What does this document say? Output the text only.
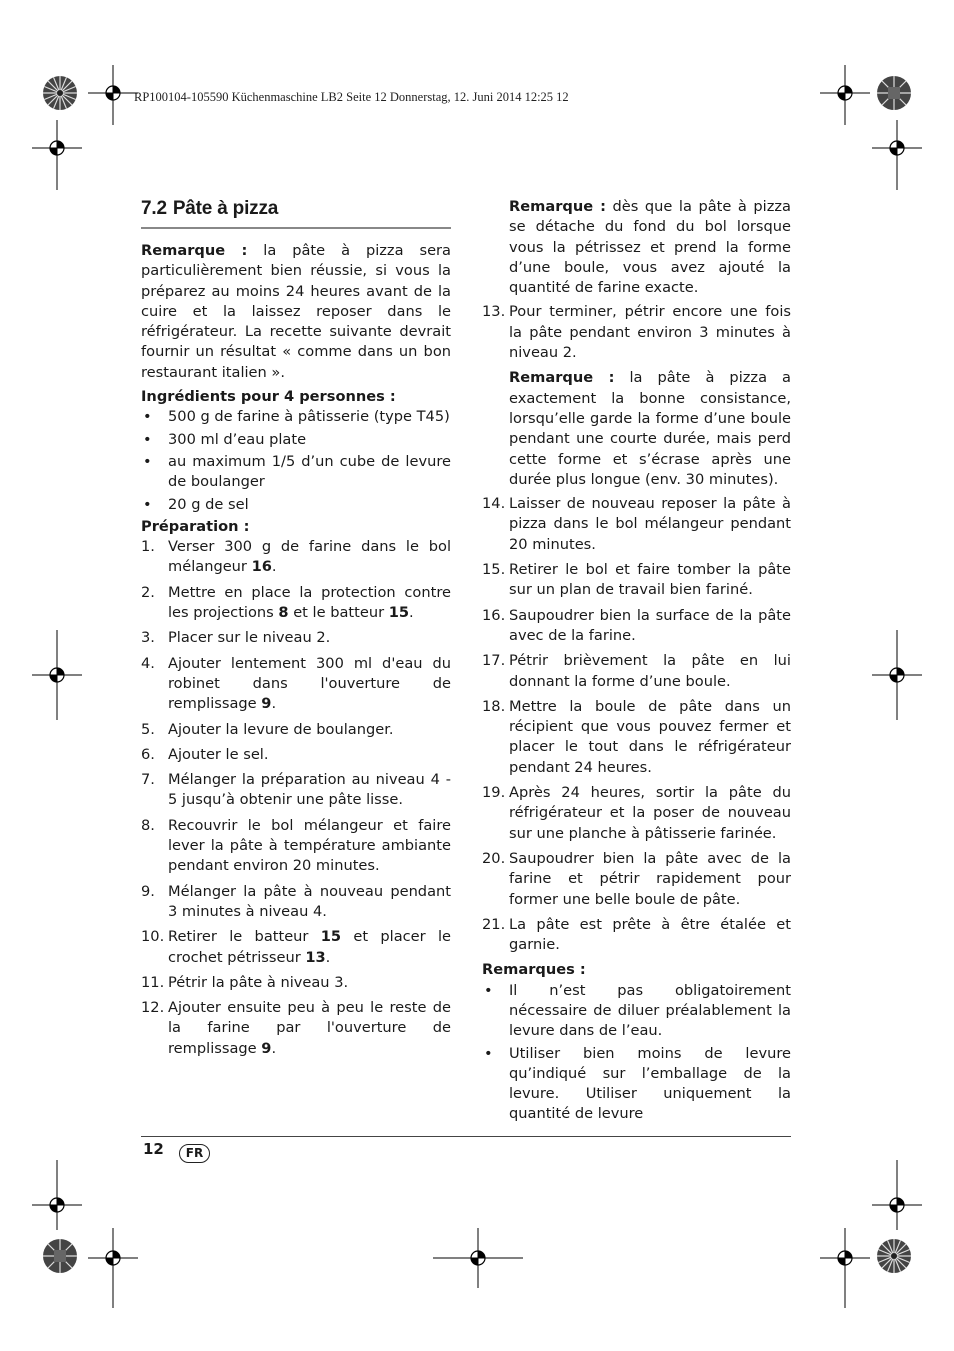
RP100104-105590 Küchenmaschine LB2 Seite 12 Donnerstag, 12. Juni 2014 12:25 12
7.2 Pâte à pizza

Remarque : la pâte à pizza sera particulièrement bien réussie, si vous la préparez au moins 24 heures avant de la cuire et la laissez reposer dans le réfrigérateur. La recette suivante devrait fournir un résultat « comme dans un bon restaurant italien ».

Ingrédients pour 4 personnes :

• 500 g de farine à pâtisserie (type T45)
• 300 ml d’eau plate
• au maximum 1/5 d’un cube de levure de boulanger
• 20 g de sel

Préparation :

1. Verser 300 g de farine dans le bol mélangeur 16.
2. Mettre en place la protection contre les projections 8 et le batteur 15.
3. Placer sur le niveau 2.
4. Ajouter lentement 300 ml d'eau du robinet dans l'ouverture de remplissage 9.
5. Ajouter la levure de boulanger.
6. Ajouter le sel.
7. Mélanger la préparation au niveau 4 - 5 jusqu’à obtenir une pâte lisse.
8. Recouvrir le bol mélangeur et faire lever la pâte à température ambiante pendant environ 20 minutes.
9. Mélanger la pâte à nouveau pendant 3 minutes à niveau 4.
10. Retirer le batteur 15 et placer le crochet pétrisseur 13.
11. Pétrir la pâte à niveau 3.
12. Ajouter ensuite peu à peu le reste de la farine par l'ouverture de remplissage 9.

Remarque : dès que la pâte à pizza se détache du fond du bol lorsque vous la pétrissez et prend la forme d’une boule, vous avez ajouté la quantité de farine exacte.

13. Pour terminer, pétrir encore une fois la pâte pendant environ 3 minutes à niveau 2.

Remarque : la pâte à pizza a exactement la bonne consistance, lorsqu’elle garde la forme d’une boule pendant une courte durée, mais perd cette forme et s’écrase après une durée plus longue (env. 30 minutes).

14. Laisser de nouveau reposer la pâte à pizza dans le bol mélangeur pendant 20 minutes.
15. Retirer le bol et faire tomber la pâte sur un plan de travail bien fariné.
16. Saupoudrer bien la surface de la pâte avec de la farine.
17. Pétrir brièvement la pâte en lui donnant la forme d’une boule.
18. Mettre la boule de pâte dans un récipient que vous pouvez fermer et placer le tout dans le réfrigérateur pendant 24 heures.
19. Après 24 heures, sortir la pâte du réfrigérateur et la poser de nouveau sur une planche à pâtisserie farinée.
20. Saupoudrer bien la pâte avec de la farine et pétrir rapidement pour former une belle boule de pâte.
21. La pâte est prête à être étalée et garnie.

Remarques :

• Il n’est pas obligatoirement nécessaire de diluer préalablement la levure dans de l’eau.
• Utiliser bien moins de levure qu’indiqué sur l’emballage de la levure. Utiliser uniquement la quantité de levure
12	FR
